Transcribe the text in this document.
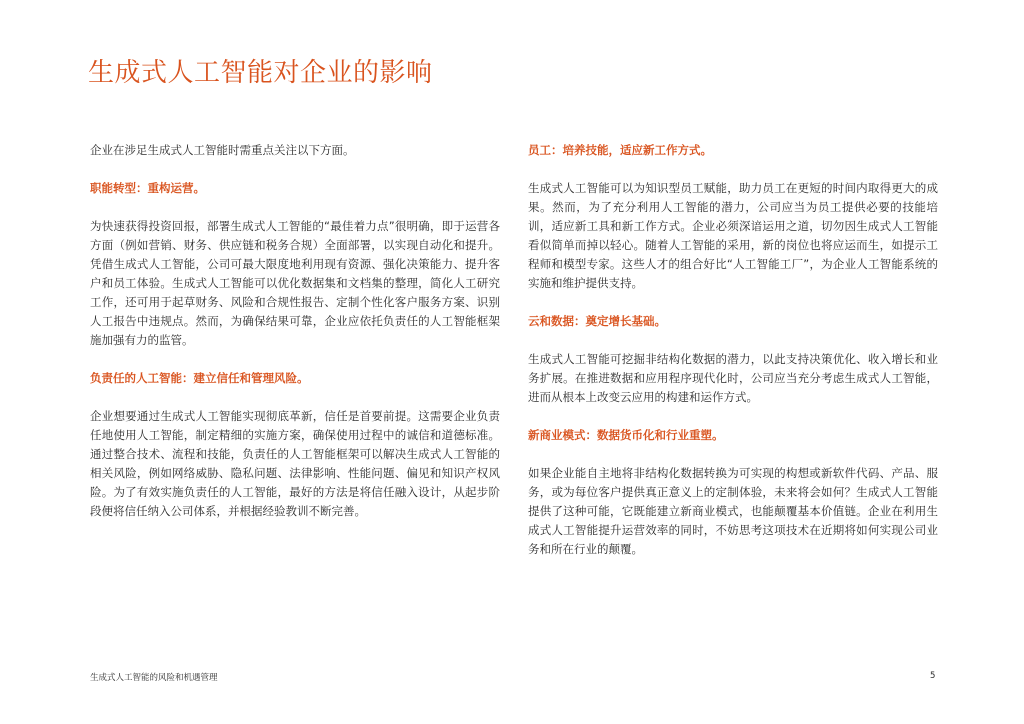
生成式人工智能对企业的影响

企业在涉足生成式人工智能时需重点关注以下方面。

职能转型：重构运营。

为快速获得投资回报，部署生成式人工智能的“最佳着力点”很明确，即于运营各方面（例如营销、财务、供应链和税务合规）全面部署，以实现自动化和提升。凭借生成式人工智能，公司可最大限度地利用现有资源、强化决策能力、提升客户和员工体验。生成式人工智能可以优化数据集和文档集的整理，简化人工研究工作，还可用于起草财务、风险和合规性报告、定制个性化客户服务方案、识别人工报告中违规点。然而，为确保结果可靠，企业应依托负责任的人工智能框架施加强有力的监管。

负责任的人工智能：建立信任和管理风险。

企业想要通过生成式人工智能实现彻底革新，信任是首要前提。这需要企业负责任地使用人工智能，制定精细的实施方案，确保使用过程中的诚信和道德标准。通过整合技术、流程和技能，负责任的人工智能框架可以解决生成式人工智能的相关风险，例如网络威胁、隐私问题、法律影响、性能问题、偏见和知识产权风险。为了有效实施负责任的人工智能，最好的方法是将信任融入设计，从起步阶段便将信任纳入公司体系，并根据经验教训不断完善。

员工：培养技能，适应新工作方式。

生成式人工智能可以为知识型员工赋能，助力员工在更短的时间内取得更大的成果。然而，为了充分利用人工智能的潜力，公司应当为员工提供必要的技能培训，适应新工具和新工作方式。企业必须深谙运用之道，切勿因生成式人工智能看似简单而掉以轻心。随着人工智能的采用，新的岗位也将应运而生，如提示工程师和模型专家。这些人才的组合好比“人工智能工厂”，为企业人工智能系统的实施和维护提供支持。

云和数据：奠定增长基础。

生成式人工智能可挖掘非结构化数据的潜力，以此支持决策优化、收入增长和业务扩展。在推进数据和应用程序现代化时，公司应当充分考虑生成式人工智能，进而从根本上改变云应用的构建和运作方式。

新商业模式：数据货币化和行业重塑。

如果企业能自主地将非结构化数据转换为可实现的构想或新软件代码、产品、服务，或为每位客户提供真正意义上的定制体验，未来将会如何？生成式人工智能提供了这种可能，它既能建立新商业模式，也能颠覆基本价值链。企业在利用生成式人工智能提升运营效率的同时，不妨思考这项技术在近期将如何实现公司业务和所在行业的颠覆。

生成式人工智能的风险和机遇管理	5
